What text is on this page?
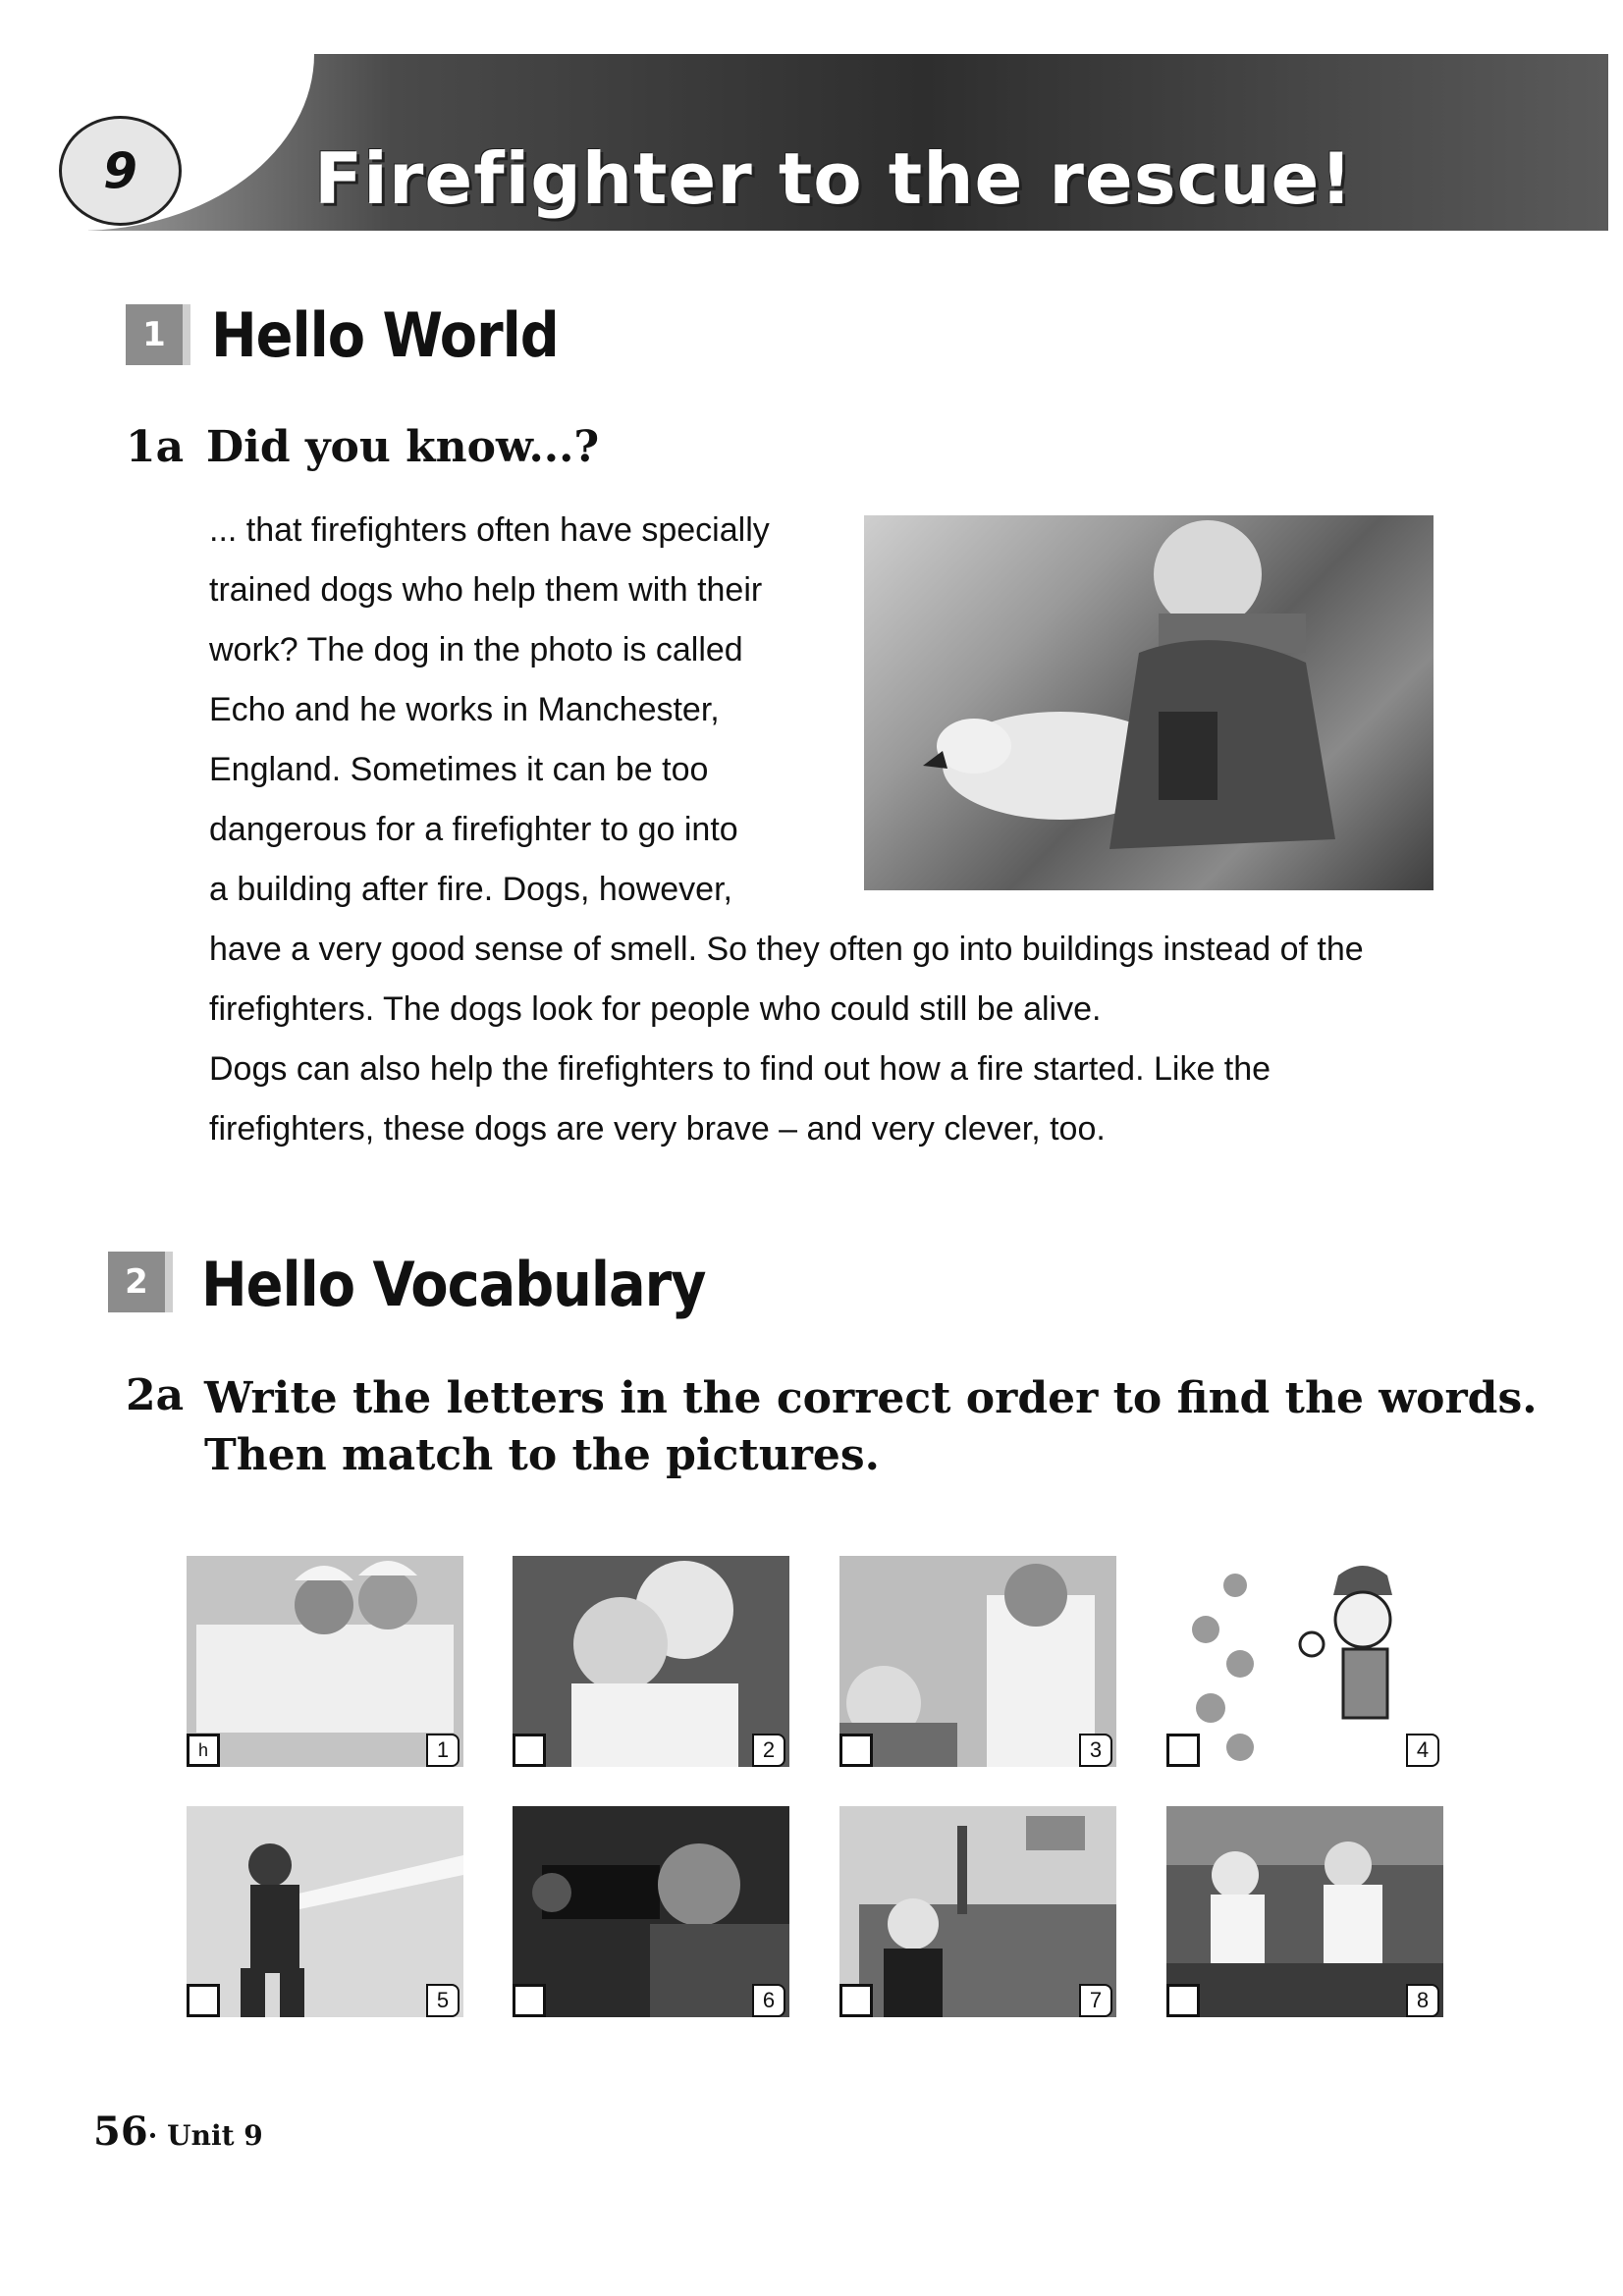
9	Firefighter to the rescue!
1 Hello World
1a Did you know...?

... that firefighters often have specially

trained dogs who help them with their

work? The dog in the photo is called

Echo and he works in Manchester,

England. Sometimes it can be too

dangerous for a firefighter to go into

a building after fire. Dogs, however,

have a very good sense of smell. So they often go into buildings instead of the

firefighters. The dogs look for people who could still be alive.

Dogs can also help the firefighters to find out how a fire started. Like the

firefighters, these dogs are very brave – and very clever, too.

2 Hello Vocabulary
2a Write the letters in the correct order to find the words.
Then match to the pictures.
h	1	2	3	4
5	6	7	8
56· Unit 9
